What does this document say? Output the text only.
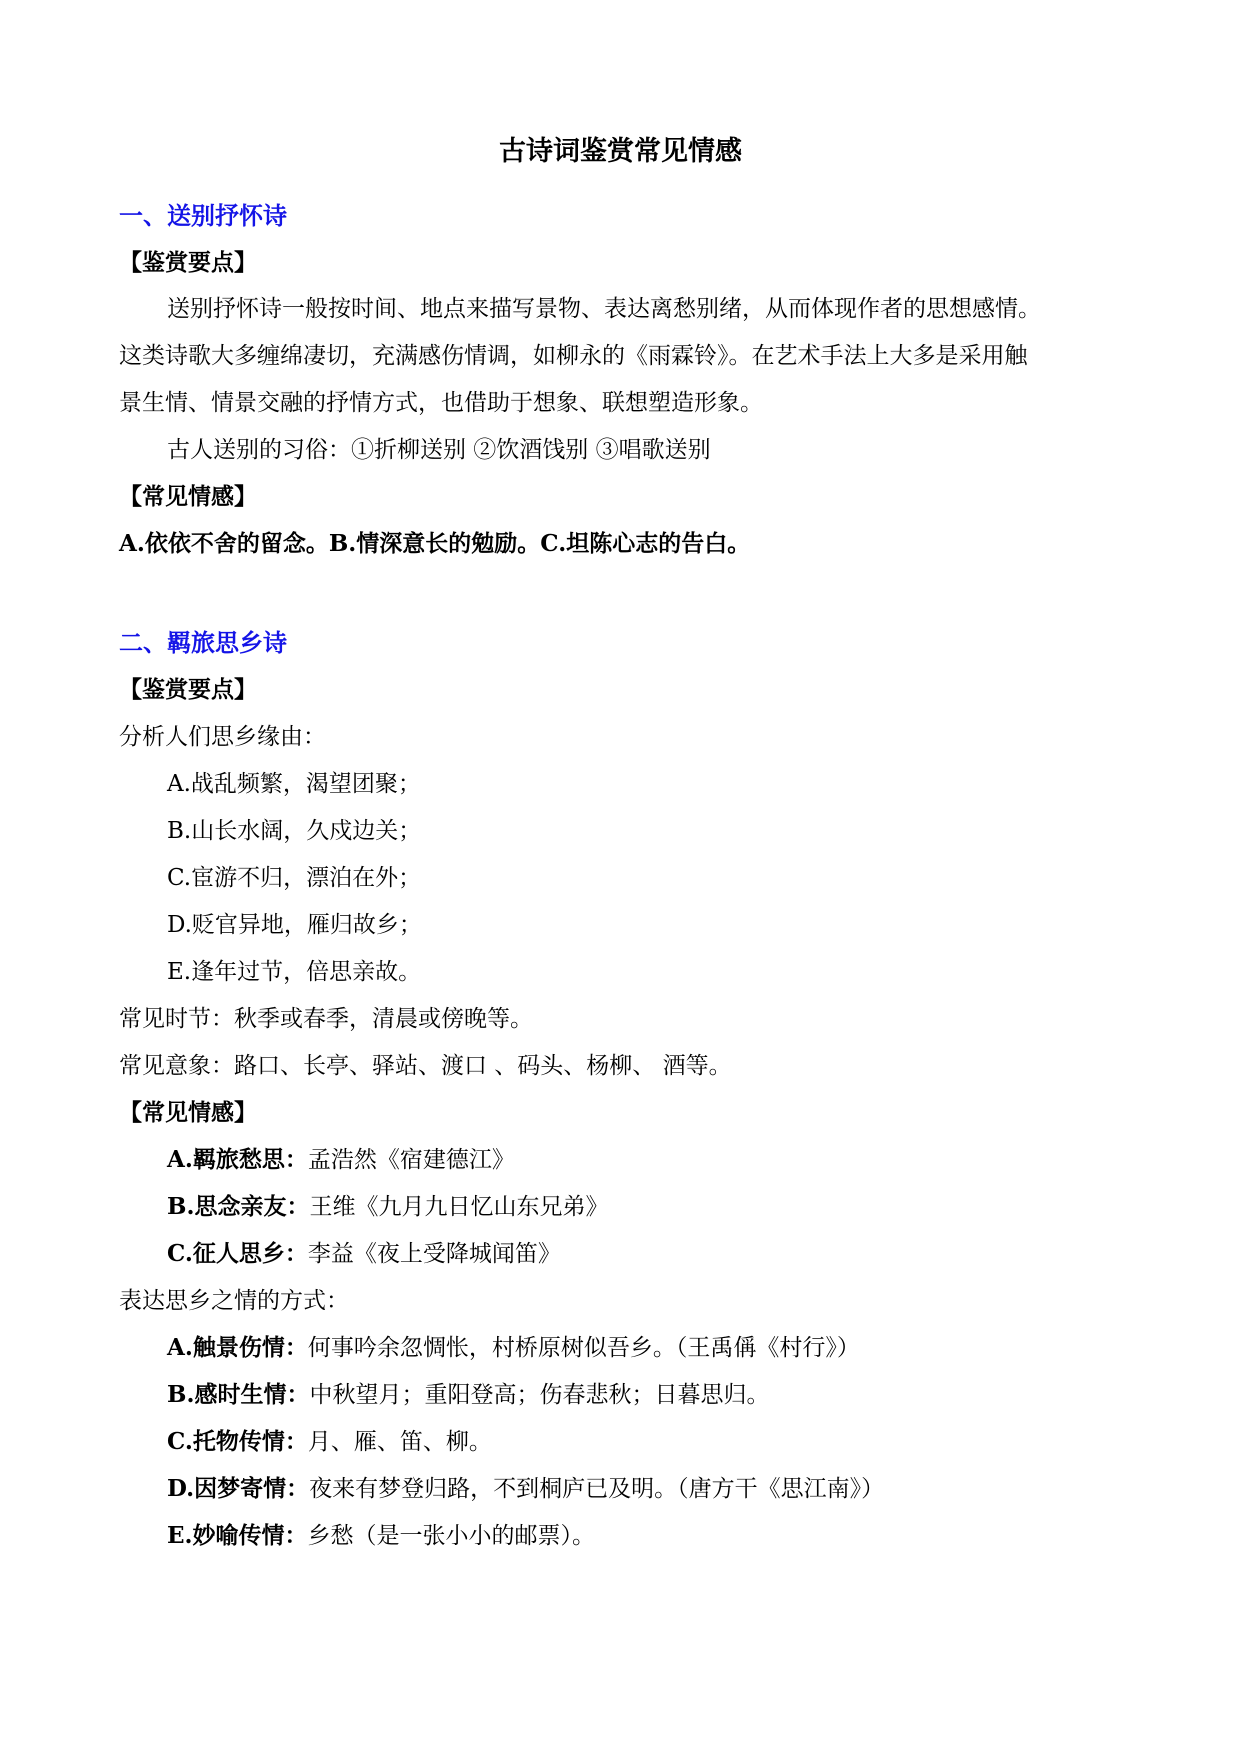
古诗词鉴赏常见情感
一、送别抒怀诗
【鉴赏要点】
送别抒怀诗一般按时间、地点来描写景物、表达离愁别绪，从而体现作者的思想感情。
这类诗歌大多缠绵凄切，充满感伤情调，如柳永的《雨霖铃》。在艺术手法上大多是采用触
景生情、情景交融的抒情方式，也借助于想象、联想塑造形象。
古人送别的习俗：①折柳送别 ②饮酒饯别 ③唱歌送别
【常见情感】
A.依依不舍的留念。B.情深意长的勉励。C.坦陈心志的告白。
二、羁旅思乡诗
【鉴赏要点】
分析人们思乡缘由：
A.战乱频繁，渴望团聚；
B.山长水阔，久戍边关；
C.宦游不归，漂泊在外；
D.贬官异地，雁归故乡；
E.逢年过节，倍思亲故。
常见时节：秋季或春季，清晨或傍晚等。
常见意象：路口、长亭、驿站、渡口 、码头、杨柳、 酒等。
【常见情感】
A.羁旅愁思：孟浩然《宿建德江》
B.思念亲友：王维《九月九日忆山东兄弟》
C.征人思乡：李益《夜上受降城闻笛》
表达思乡之情的方式：
A.触景伤情：何事吟余忽惆怅，村桥原树似吾乡。（王禹偁《村行》）
B.感时生情：中秋望月；重阳登高；伤春悲秋；日暮思归。
C.托物传情：月、雁、笛、柳。
D.因梦寄情：夜来有梦登归路，不到桐庐已及明。（唐方干《思江南》）
E.妙喻传情：乡愁（是一张小小的邮票）。
